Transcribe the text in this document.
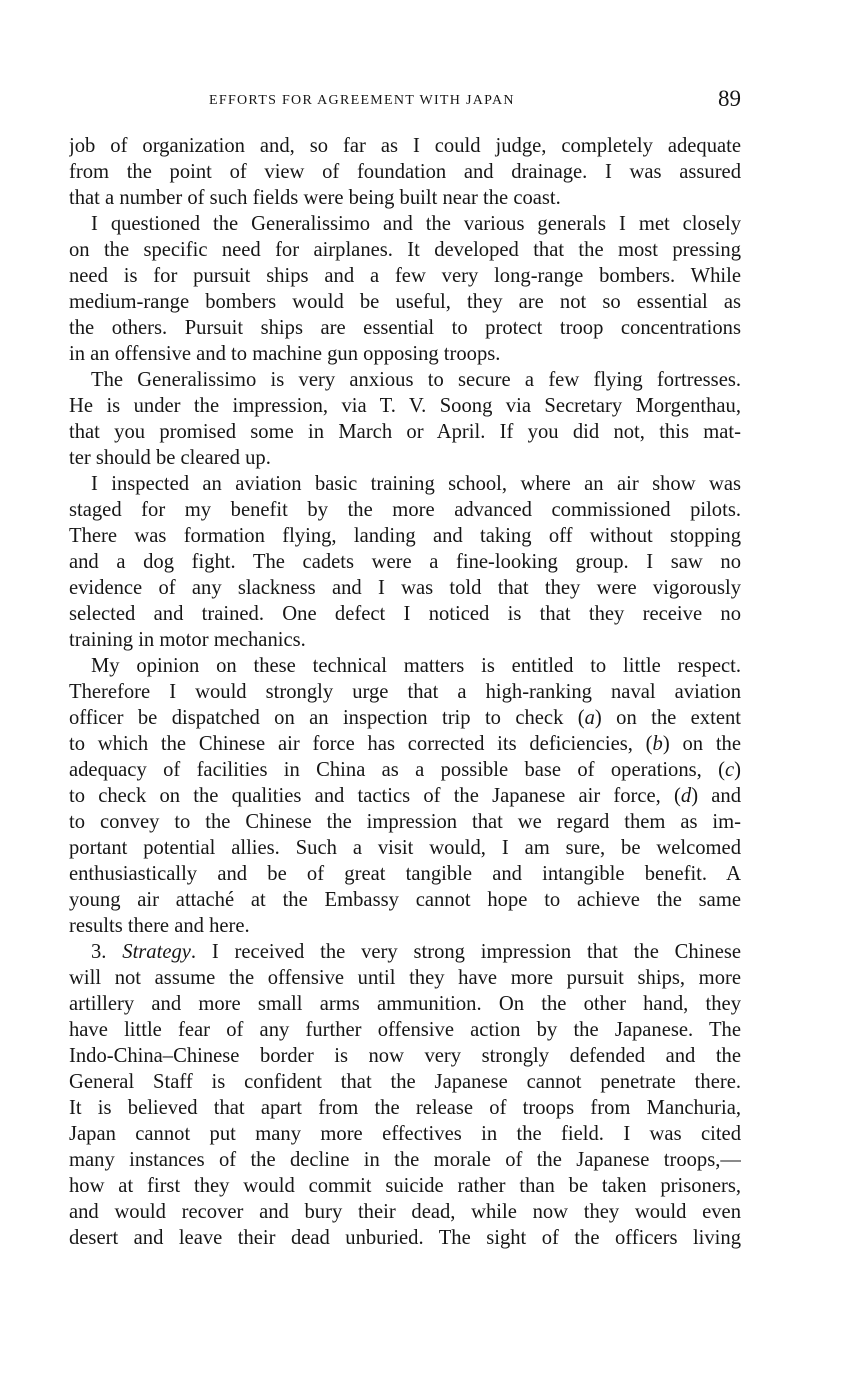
EFFORTS FOR AGREEMENT WITH JAPAN	89
job of organization and, so far as I could judge, completely adequate
from the point of view of foundation and drainage. I was assured
that a number of such fields were being built near the coast.
I questioned the Generalissimo and the various generals I met closely
on the specific need for airplanes. It developed that the most pressing
need is for pursuit ships and a few very long-range bombers. While
medium-range bombers would be useful, they are not so essential as
the others. Pursuit ships are essential to protect troop concentrations
in an offensive and to machine gun opposing troops.
The Generalissimo is very anxious to secure a few flying fortresses.
He is under the impression, via T. V. Soong via Secretary Morgenthau,
that you promised some in March or April. If you did not, this mat-
ter should be cleared up.
I inspected an aviation basic training school, where an air show was
staged for my benefit by the more advanced commissioned pilots.
There was formation flying, landing and taking off without stopping
and a dog fight. The cadets were a fine-looking group. I saw no
evidence of any slackness and I was told that they were vigorously
selected and trained. One defect I noticed is that they receive no
training in motor mechanics.
My opinion on these technical matters is entitled to little respect.
Therefore I would strongly urge that a high-ranking naval aviation
officer be dispatched on an inspection trip to check (a) on the extent
to which the Chinese air force has corrected its deficiencies, (b) on the
adequacy of facilities in China as a possible base of operations, (c)
to check on the qualities and tactics of the Japanese air force, (d) and
to convey to the Chinese the impression that we regard them as im-
portant potential allies. Such a visit would, I am sure, be welcomed
enthusiastically and be of great tangible and intangible benefit. A
young air attaché at the Embassy cannot hope to achieve the same
results there and here.
3. Strategy. I received the very strong impression that the Chinese
will not assume the offensive until they have more pursuit ships, more
artillery and more small arms ammunition. On the other hand, they
have little fear of any further offensive action by the Japanese. The
Indo-China–Chinese border is now very strongly defended and the
General Staff is confident that the Japanese cannot penetrate there.
It is believed that apart from the release of troops from Manchuria,
Japan cannot put many more effectives in the field. I was cited
many instances of the decline in the morale of the Japanese troops,—
how at first they would commit suicide rather than be taken prisoners,
and would recover and bury their dead, while now they would even
desert and leave their dead unburied. The sight of the officers living
